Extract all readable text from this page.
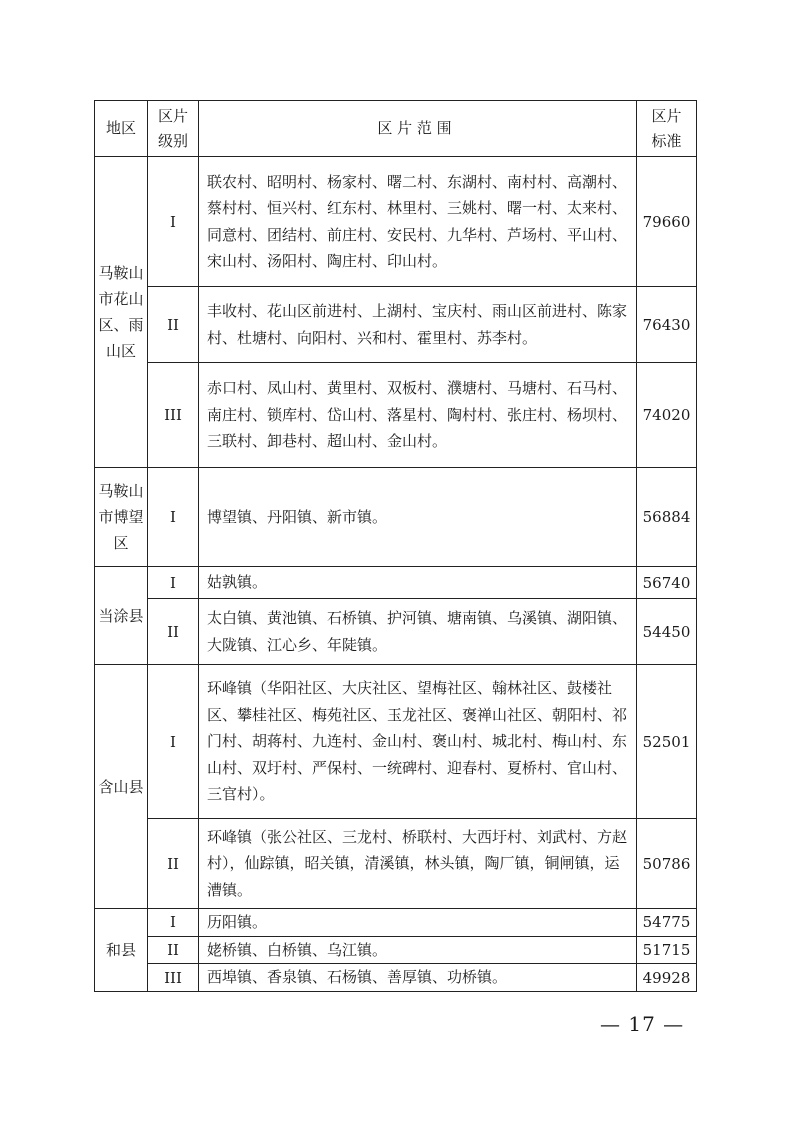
地区	区片级别	区 片 范 围	区片标准
马鞍山市花山区、雨山区	I	联农村、昭明村、杨家村、曙二村、东湖村、南村村、高潮村、蔡村村、恒兴村、红东村、林里村、三姚村、曙一村、太来村、同意村、团结村、前庄村、安民村、九华村、芦场村、平山村、宋山村、汤阳村、陶庄村、印山村。	79660
	II	丰收村、花山区前进村、上湖村、宝庆村、雨山区前进村、陈家村、杜塘村、向阳村、兴和村、霍里村、苏李村。	76430
	III	赤口村、凤山村、黄里村、双板村、濮塘村、马塘村、石马村、南庄村、锁库村、岱山村、落星村、陶村村、张庄村、杨坝村、三联村、卸巷村、超山村、金山村。	74020
马鞍山市博望区	I	博望镇、丹阳镇、新市镇。	56884
当涂县	I	姑孰镇。	56740
	II	太白镇、黄池镇、石桥镇、护河镇、塘南镇、乌溪镇、湖阳镇、大陇镇、江心乡、年陡镇。	54450
含山县	I	环峰镇（华阳社区、大庆社区、望梅社区、翰林社区、鼓楼社区、攀桂社区、梅苑社区、玉龙社区、褒禅山社区、朝阳村、祁门村、胡蒋村、九连村、金山村、褒山村、城北村、梅山村、东山村、双圩村、严保村、一统碑村、迎春村、夏桥村、官山村、三官村）。	52501
	II	环峰镇（张公社区、三龙村、桥联村、大西圩村、刘武村、方赵村），仙踪镇，昭关镇，清溪镇，林头镇，陶厂镇，铜闸镇，运漕镇。	50786
和县	I	历阳镇。	54775
	II	姥桥镇、白桥镇、乌江镇。	51715
	III	西埠镇、香泉镇、石杨镇、善厚镇、功桥镇。	49928
— 17 —
